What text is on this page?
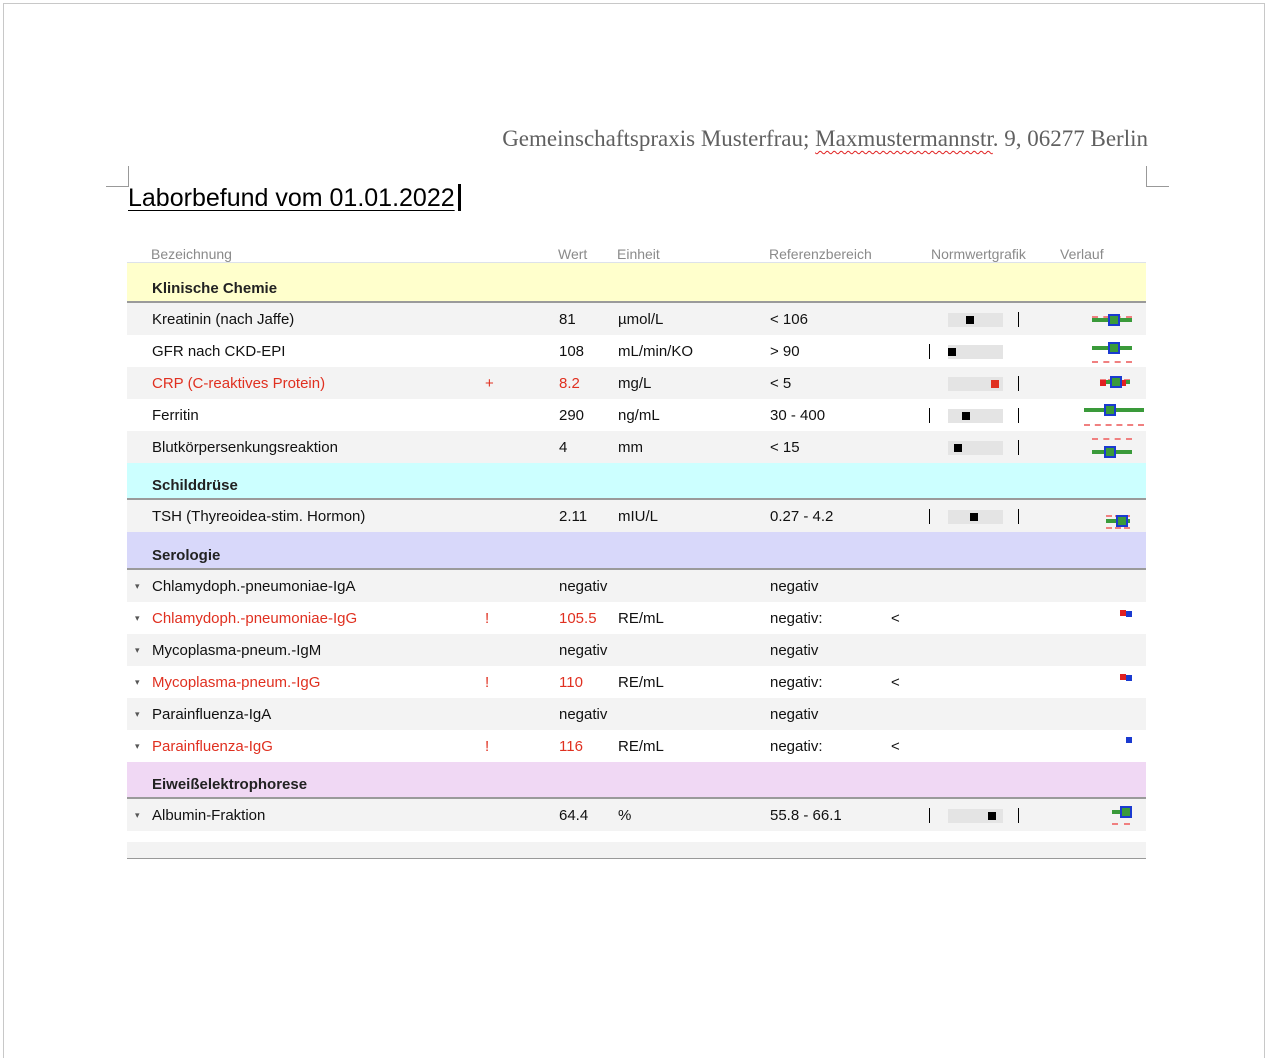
Gemeinschaftspraxis Musterfrau; Maxmustermannstr. 9, 06277 Berlin
Laborbefund vom 01.01.2022
Bezeichnung	Wert Einheit	Referenzbereich	Normwertgrafik Verlauf
Klinische Chemie
Kreatinin (nach Jaffe)	81	µmol/L	< 106
GFR nach CKD-EPI	108 mL/min/KO	> 90
CRP (C-reaktives Protein)	+	8.2	mg/L	< 5
Ferritin	290 ng/mL	30 - 400
Blutkörpersenkungsreaktion	4	mm	< 15
Schilddrüse
TSH (Thyreoidea-stim. Hormon)	2.11 mIU/L	0.27 - 4.2
Serologie
▾ Chlamydoph.-pneumoniae-IgA	negativ	negativ
▾ Chlamydoph.-pneumoniae-IgG	!	105.5 RE/mL	negativ:	<
▾ Mycoplasma-pneum.-IgM	negativ	negativ
▾ Mycoplasma-pneum.-IgG	!	110 RE/mL	negativ:	<
▾ Parainfluenza-IgA	negativ	negativ
▾ Parainfluenza-IgG	!	116 RE/mL	negativ:	<
Eiweißelektrophorese
▾ Albumin-Fraktion	64.4 %	55.8 - 66.1
